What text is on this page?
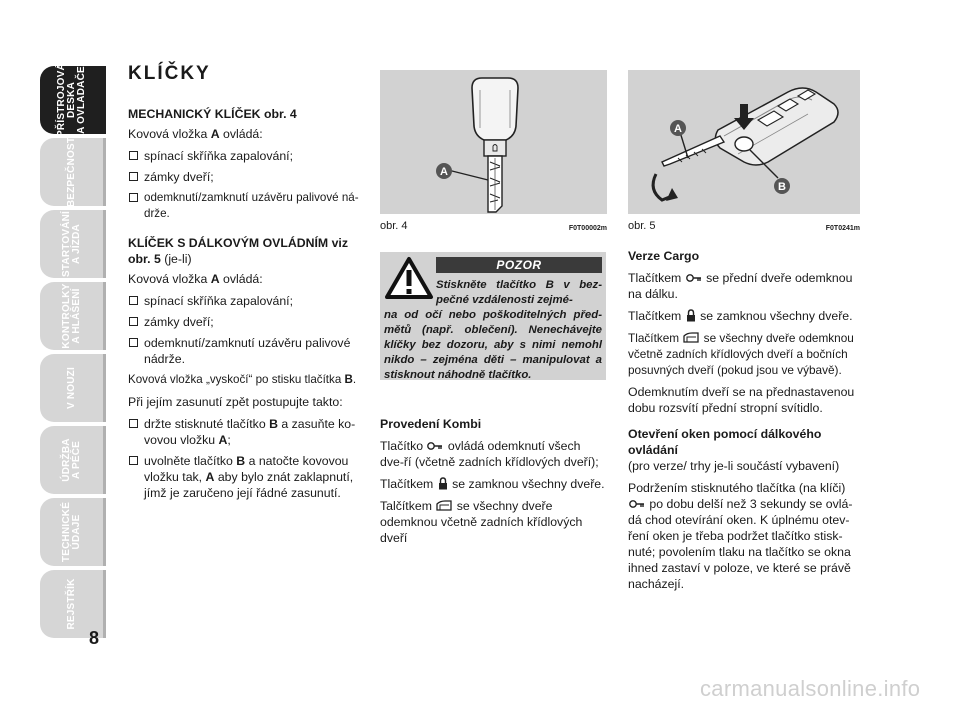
PŘÍSTROJOVÁ
DESKA
A OVLADAČE
BEZPEČNOST
STARTOVÁNÍ
A JÍZDA
KONTROLKY
A HLÁŠENÍ
V NOUZI
ÚDRŽBA
A PÉČE
TECHNICKÉ
ÚDAJE
REJSTŘÍK
8
KLÍČKY
MECHANICKÝ KLÍČEK obr. 4

Kovová vložka A ovládá:

spínací skříňka zapalování;
zámky dveří;
odemknutí/zamknutí uzávěru palivové ná-drže.
KLÍČEK S DÁLKOVÝM OVLÁDNÍM viz obr. 5 (je-li)

Kovová vložka A ovládá:

spínací skříňka zapalování;
zámky dveří;
odemknutí/zamknutí uzávěru palivové nádrže.

Kovová vložka „vyskočí“ po stisku tlačítka B.

Při jejím zasunutí zpět postupujte takto:

držte stisknuté tlačítko B a zasuňte ko-vovou vložku A;
uvolněte tlačítko B a natočte kovovou vložku tak, A aby bylo znát zaklapnutí, jímž je zaručeno její řádné zasunutí.
A
obr. 4	F0T00002m
A
B
obr. 5	F0T0241m
POZOR
Stiskněte tlačítko B v bez-pečné vzdálenosti zejmé-
na od očí nebo poškoditelných před-mětů (např. oblečení). Nenechávejte klíčky bez dozoru, aby s nimi nemohl nikdo – zejména děti – manipulovat a stisknout náhodně tlačítko.
Provedení Kombi

Tlačítko  ovládá odemknutí všech dve-ří (včetně zadních křídlových dveří);

Tlačítkem  se zamknou všechny dveře.

Talčítkem  se všechny dveře odemknou včetně zadních křídlových dveří

Verze Cargo

Tlačítkem  se přední dveře odemknou na dálku.

Tlačítkem  se zamknou všechny dveře.

Tlačítkem  se všechny dveře odemknou včetně zadních křídlových dveří a bočních posuvných dveří (pokud jsou ve výbavě).

Odemknutím dveří se na přednastavenou dobu rozsvítí přední stropní svítidlo.

Otevření oken pomocí dálkového ovládání

(pro verze/ trhy je-li součástí vybavení)

Podržením stisknutého tlačítka (na klíči)  po dobu delší než 3 sekundy se ovlá-dá chod otevírání oken. K úplnému otev-ření oken je třeba podržet tlačítko stisk-nuté; povolením tlaku na tlačítko se okna ihned zastaví v poloze, ve které se právě nacházejí.

carmanualsonline.info
